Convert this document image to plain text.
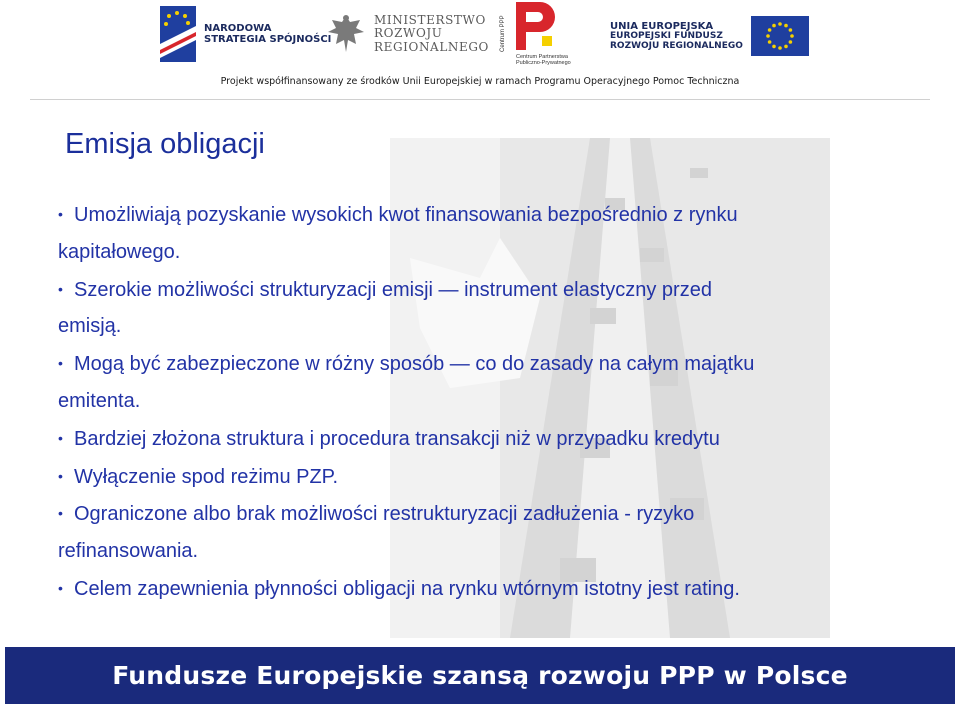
NARODOWA
STRATEGIA SPÓJNOŚCI
MINISTERSTWO
ROZWOJU
REGIONALNEGO Centrum PPP
Centrum Partnerstwa
Publiczno-Prywatnego
UNIA EUROPEJSKA
EUROPEJSKI FUNDUSZ
ROZWOJU REGIONALNEGO
Projekt współfinansowany ze środków Unii Europejskiej w ramach Programu Operacyjnego Pomoc Techniczna
Emisja obligacji
• Umożliwiają pozyskanie wysokich kwot finansowania bezpośrednio z rynku
kapitałowego.
• Szerokie możliwości strukturyzacji emisji — instrument elastyczny przed
emisją.
• Mogą być zabezpieczone w różny sposób — co do zasady na całym majątku
emitenta.
• Bardziej złożona struktura i procedura transakcji niż w przypadku kredytu
• Wyłączenie spod reżimu PZP.
• Ograniczone albo brak możliwości restrukturyzacji zadłużenia - ryzyko
refinansowania.
• Celem zapewnienia płynności obligacji na rynku wtórnym istotny jest rating.
Fundusze Europejskie szansą rozwoju PPP w Polsce
